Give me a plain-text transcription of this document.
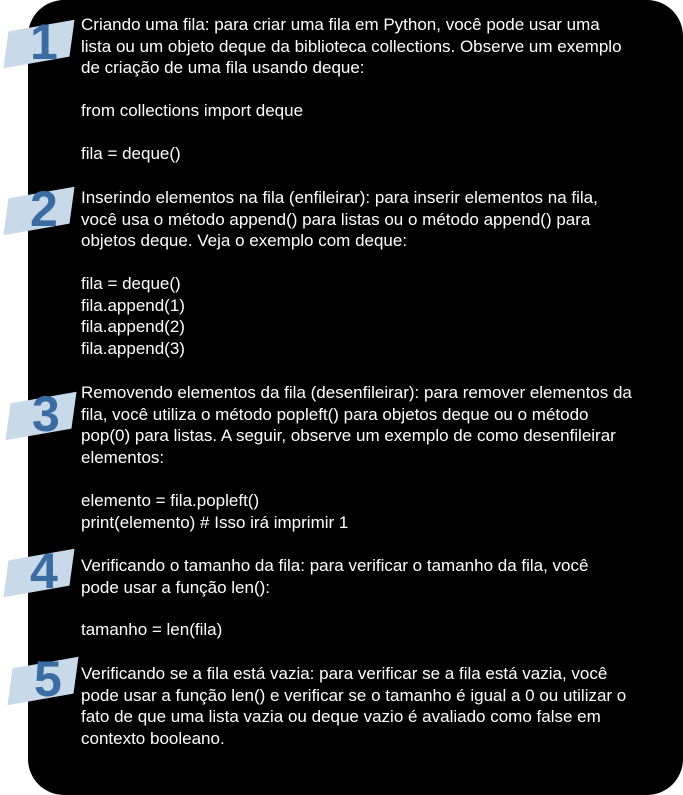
1 Criando uma fila: para criar uma fila em Python, você pode usar uma
lista ou um objeto deque da biblioteca collections. Observe um exemplo
de criação de uma fila usando deque:
from collections import deque

fila = deque()
2 Inserindo elementos na fila (enfileirar): para inserir elementos na fila,
você usa o método append() para listas ou o método append() para
objetos deque. Veja o exemplo com deque:
fila = deque()
fila.append(1)
fila.append(2)
fila.append(3)
3 Removendo elementos da fila (desenfileirar): para remover elementos da
fila, você utiliza o método popleft() para objetos deque ou o método
pop(0) para listas. A seguir, observe um exemplo de como desenfileirar
elementos:
elemento = fila.popleft()
print(elemento) # Isso irá imprimir 1
4 Verificando o tamanho da fila: para verificar o tamanho da fila, você
pode usar a função len():
tamanho = len(fila)
5 Verificando se a fila está vazia: para verificar se a fila está vazia, você
pode usar a função len() e verificar se o tamanho é igual a 0 ou utilizar o
fato de que uma lista vazia ou deque vazio é avaliado como false em
contexto booleano.
